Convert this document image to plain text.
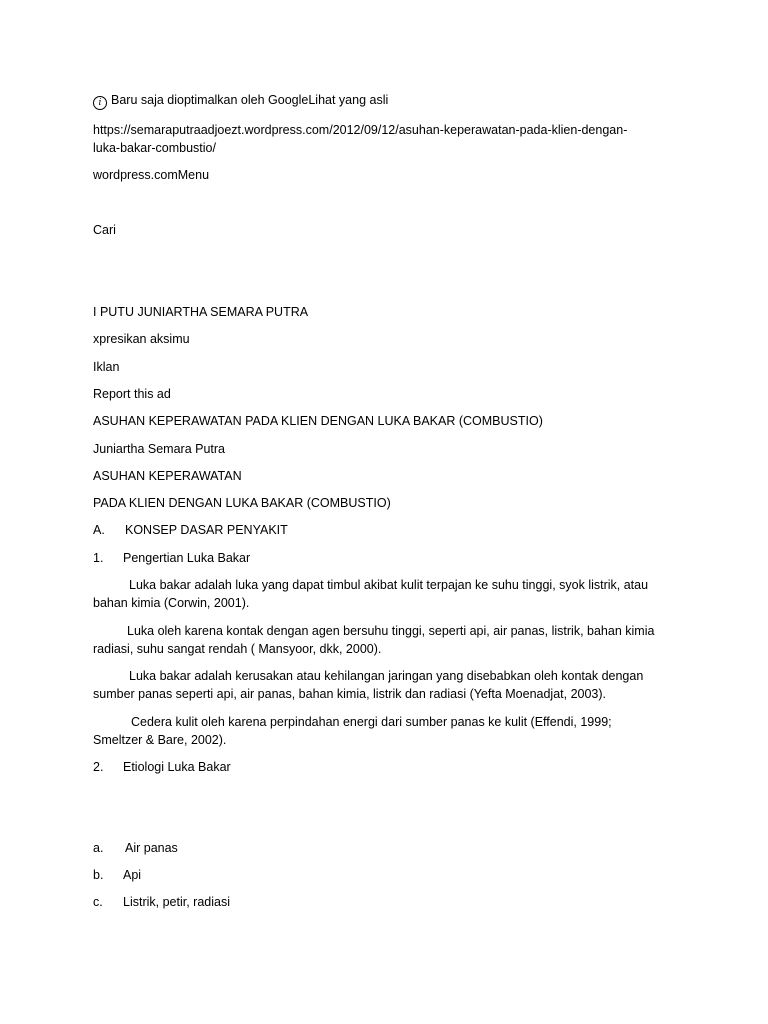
i Baru saja dioptimalkan oleh GoogleLihat yang asli

https://semaraputraadjoezt.wordpress.com/2012/09/12/asuhan-keperawatan-pada-klien-dengan-

luka-bakar-combustio/

wordpress.comMenu

Cari

I PUTU JUNIARTHA SEMARA PUTRA

xpresikan aksimu

Iklan

Report this ad

ASUHAN KEPERAWATAN PADA KLIEN DENGAN LUKA BAKAR (COMBUSTIO)

Juniartha Semara Putra

ASUHAN KEPERAWATAN

PADA KLIEN DENGAN LUKA BAKAR (COMBUSTIO)

A. KONSEP DASAR PENYAKIT

1. Pengertian Luka Bakar

Luka bakar adalah luka yang dapat timbul akibat kulit terpajan ke suhu tinggi, syok listrik, atau

bahan kimia (Corwin, 2001).

Luka oleh karena kontak dengan agen bersuhu tinggi, seperti api, air panas, listrik, bahan kimia

radiasi, suhu sangat rendah ( Mansyoor, dkk, 2000).

Luka bakar adalah kerusakan atau kehilangan jaringan yang disebabkan oleh kontak dengan

sumber panas seperti api, air panas, bahan kimia, listrik dan radiasi (Yefta Moenadjat, 2003).

Cedera kulit oleh karena perpindahan energi dari sumber panas ke kulit (Effendi, 1999;

Smeltzer & Bare, 2002).

2. Etiologi Luka Bakar

a. Air panas

b. Api

c. Listrik, petir, radiasi
